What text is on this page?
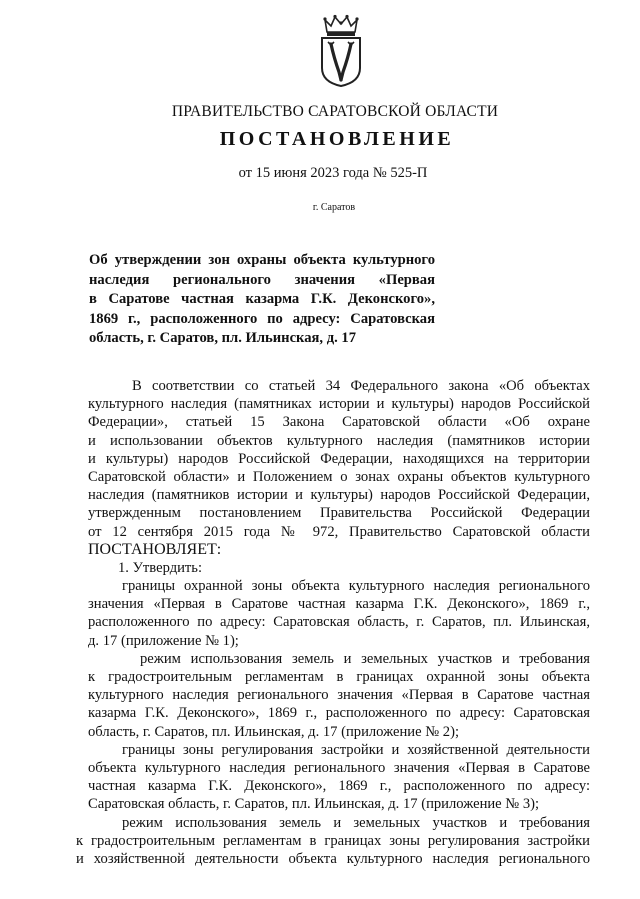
ПРАВИТЕЛЬСТВО САРАТОВСКОЙ ОБЛАСТИ
ПОСТАНОВЛЕНИЕ
от 15 июня 2023 года № 525-П
г. Саратов
Об утверждении зон охраны объекта культурного
наследия регионального значения «Первая
в Саратове частная казарма Г.К. Деконского»,
1869 г., расположенного по адресу: Саратовская
область, г. Саратов, пл. Ильинская, д. 17
В соответствии со статьей 34 Федерального закона «Об объектах
культурного наследия (памятниках истории и культуры) народов Российской
Федерации», статьей 15 Закона Саратовской области «Об охране
и использовании объектов культурного наследия (памятников истории
и культуры) народов Российской Федерации, находящихся на территории
Саратовской области» и Положением о зонах охраны объектов культурного
наследия (памятников истории и культуры) народов Российской Федерации,
утвержденным постановлением Правительства Российской Федерации
от 12 сентября 2015 года № 972, Правительство Саратовской области
ПОСТАНОВЛЯЕТ:
1. Утвердить:
границы охранной зоны объекта культурного наследия регионального
значения «Первая в Саратове частная казарма Г.К. Деконского», 1869 г.,
расположенного по адресу: Саратовская область, г. Саратов, пл. Ильинская,
д. 17 (приложение № 1);
режим использования земель и земельных участков и требования
к градостроительным регламентам в границах охранной зоны объекта
культурного наследия регионального значения «Первая в Саратове частная
казарма Г.К. Деконского», 1869 г., расположенного по адресу: Саратовская
область, г. Саратов, пл. Ильинская, д. 17 (приложение № 2);
границы зоны регулирования застройки и хозяйственной деятельности
объекта культурного наследия регионального значения «Первая в Саратове
частная казарма Г.К. Деконского», 1869 г., расположенного по адресу:
Саратовская область, г. Саратов, пл. Ильинская, д. 17 (приложение № 3);
режим использования земель и земельных участков и требования
к градостроительным регламентам в границах зоны регулирования застройки
и хозяйственной деятельности объекта культурного наследия регионального
